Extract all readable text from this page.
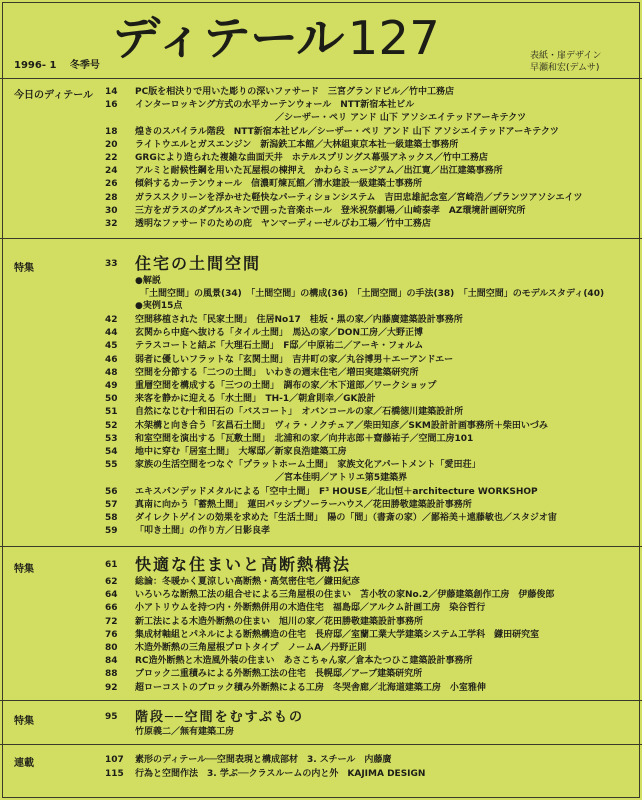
ディテール127
1996- 1 冬季号
表紙・扉デザイン
早瀬和宏(デムサ)
今日のディテール 14	PC版を相決りで用いた彫りの深いファサード　三宮グランドビル／竹中工務店
16	インターロッキング方式の水平カーテンウォール　NTT新宿本社ビル
／シーザー・ペリ アンド 山下 アソシエイテッドアーキテクツ
18	煌きのスパイラル階段　NTT新宿本社ビル／シーザー・ペリ アンド 山下 アソシエイテッドアーキテクツ
20	ライトウエルとガスエンジン　新潟鉄工本館／大林組東京本社一級建築士事務所
22	GRGにより造られた複雑な曲面天井　ホテルスプリングス幕張アネックス／竹中工務店
24	アルミと耐候性鋼を用いた瓦屋根の棟押え　かわらミュージアム／出江寛／出江建築事務所
26	傾斜するカーテンウォール　信濃町煉瓦館／清水建設一級建築士事務所
28	ガラススクリーンを浮かせた軽快なパーティションシステム　吉田忠雄記念室／宮崎浩／プランツアソシエイツ
30	三方をガラスのダブルスキンで囲った音楽ホール　登米祝祭劇場／山崎泰孝　AZ環境計画研究所
32	透明なファサードのための庇　ヤンマーディーゼルびわ工場／竹中工務店
特集	33 住宅の土間空間
●解説
「土間空間」の風景(34)　「土間空間」の構成(36)　「土間空間」の手法(38)　「土間空間」のモデルスタディ(40)
●実例15点
42	空間移植された「民家土間」　住居No17　桂坂・黒の家／内藤廣建築設計事務所
44	玄関から中庭へ抜ける「タイル土間」　馬込の家／DON工房／大野正博
45	テラスコートと結ぶ「大理石土間」　F邸／中原祐二／アーキ・フォルム
46	弱者に優しいフラットな「玄関土間」　吉井町の家／丸谷博男＋エーアンドエー
48	空間を分節する「二つの土間」　いわきの週末住宅／増田実建築研究所
49	重層空間を構成する「三つの土間」　調布の家／木下道郎／ワークショップ
50	来客を静かに迎える「水土間」　TH-1／朝倉則幸／GK設計
51	自然になじむ十和田石の「バスコート」　オバンコールの家／石橋徳川建築設計所
52	木架構と向き合う「玄昌石土間」　ヴィラ・ノクチュア／柴田知彦／SKM設計計画事務所＋柴田いづみ
53	和室空間を演出する「瓦敷土間」　北浦和の家／向井志郎＋齋藤祐子／空間工房101
54	地中に穿む「居室土間」　大塚邸／新家良浩建築工房
55	家族の生活空間をつなぐ「プラットホーム土間」　家族文化アパートメント「愛田荘」
／宮本佳明／アトリエ第5建築界
56	エキスパンデッドメタルによる「空中土間」　F³ HOUSE／北山恒＋architecture WORKSHOP
57	真南に向かう「蓄熱土間」　蓮田パッシブソーラーハウス／花田勝敬建築設計事務所
58	ダイレクトゲインの効果を求めた「生活土間」　陽の「間」（書斎の家）／鄙裕美＋遠藤敏也／スタジオ宙
59	「叩き土間」の作り方／日影良孝
特集	61 快適な住まいと高断熱構法
62	総論：冬暖かく夏涼しい高断熱・高気密住宅／鎌田紀彦
64	いろいろな断熱工法の組合せによる三角屋根の住まい　苫小牧の家No.2／伊藤建築創作工房　伊藤俊郎
66	小アトリウムを持つ内・外断熱併用の木造住宅　福島邸／アルクム計画工房　染谷哲行
72	新工法による木造外断熱の住まい　旭川の家／花田勝敬建築設計事務所
76	集成材軸組とパネルによる断熱構造の住宅　長府邸／室蘭工業大学建築システム工学科　鎌田研究室
80	木造外断熱の三角屋根プロトタイプ　ノームA／丹野正則
84	RC造外断熱と木造風外装の住まい　あさこちゃん家／倉本たつひこ建築設計事務所
88	ブロック二重積みによる外断熱工法の住宅　長幌邸／アーブ建築研究所
92	超ローコストのブロック積み外断熱による工房　冬哭舎廊／北海道建築工房　小室雅伸
特集	95 階段──空間をむすぶもの
竹原義二／無有建築工房
連載	107	素形のディテール──空間表現と構成部材　3. スチール　内藤廣
115	行為と空間作法　3. 学ぶ──クラスルームの内と外　KAJIMA DESIGN
